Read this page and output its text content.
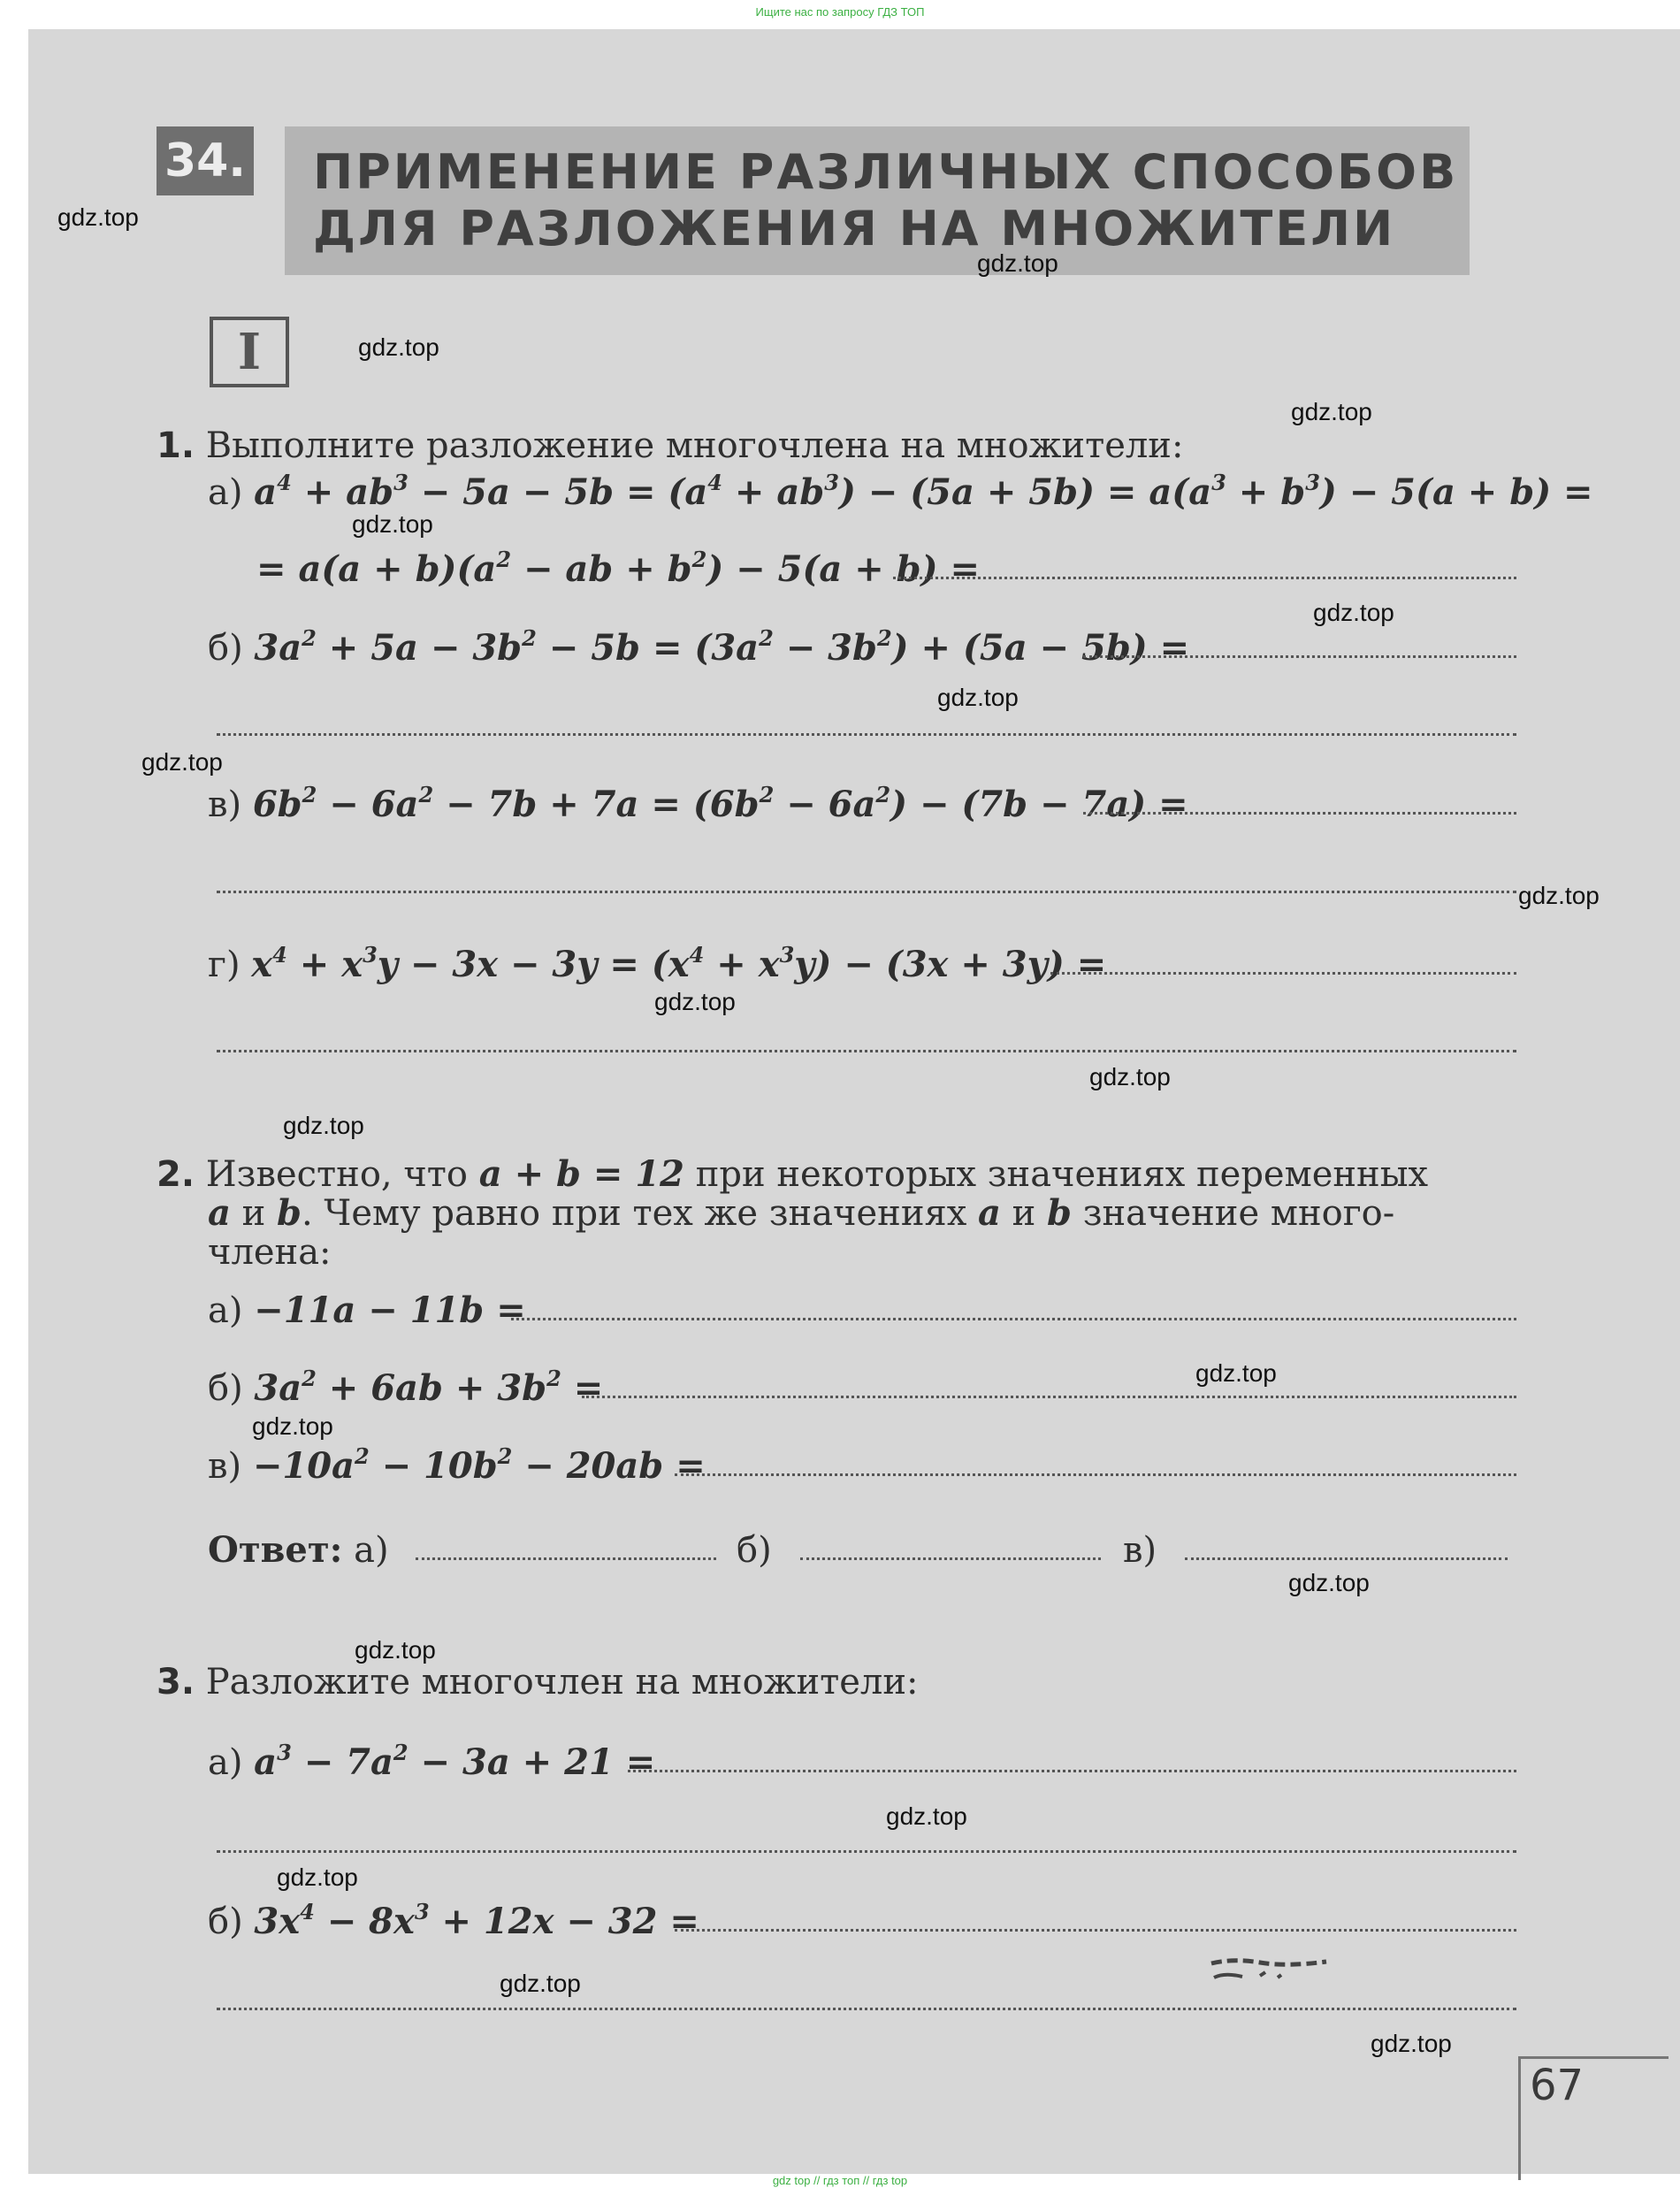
Ищите нас по запросу ГДЗ ТОП
34. ПРИМЕНЕНИЕ РАЗЛИЧНЫХ СПОСОБОВ
ДЛЯ РАЗЛОЖЕНИЯ НА МНОЖИТЕЛИ
I
1. Выполните разложение многочлена на множители:
а) $a^4 + ab^3 - 5a - 5b = (a^4 + ab^3) - (5a + 5b) = a(a^3 + b^3) - 5(a + b)$ =
= $a(a + b)(a^2$ − ab + $b^2) - 5(a + b)$ =
б) $3a^2 + 5a - 3b^2 - 5b = (3a^2 - 3b^2) + (5a - 5b)$ =
в) $6b^2 - 6a^2 - 7b + 7a = (6b^2 - 6a^2) - (7b - 7a)$ =
г) $x^4 + x^3y - 3x - 3y = (x^4 + x^3y) - (3x + 3y)$ =
2. Известно, что a + b = 12 при некоторых значениях переменных
a и b. Чему равно при тех же значениях a и b значение много-
члена:
а) −11a − 11b =
б) $3a^2 + 6ab + 3b^2$ =
$в) -10a^2 - 10b^2 - 20ab$ =
Ответ: а)	б)	в)
3. Разложите многочлен на множители:
а) $a^3 - 7a^2 - 3a + 21$ =
б) $3x^4 - 8x^3 + 12x - 32$ =
gdz.top
gdz.top
gdz.top
gdz.top
gdz.top
gdz.top
gdz.top
gdz.top
gdz.top
gdz.top
gdz.top
gdz.top
gdz.top
gdz.top
gdz.top
gdz.top
gdz.top
gdz.top
gdz.top
gdz.top
67
gdz top // гдз топ // гдз top
